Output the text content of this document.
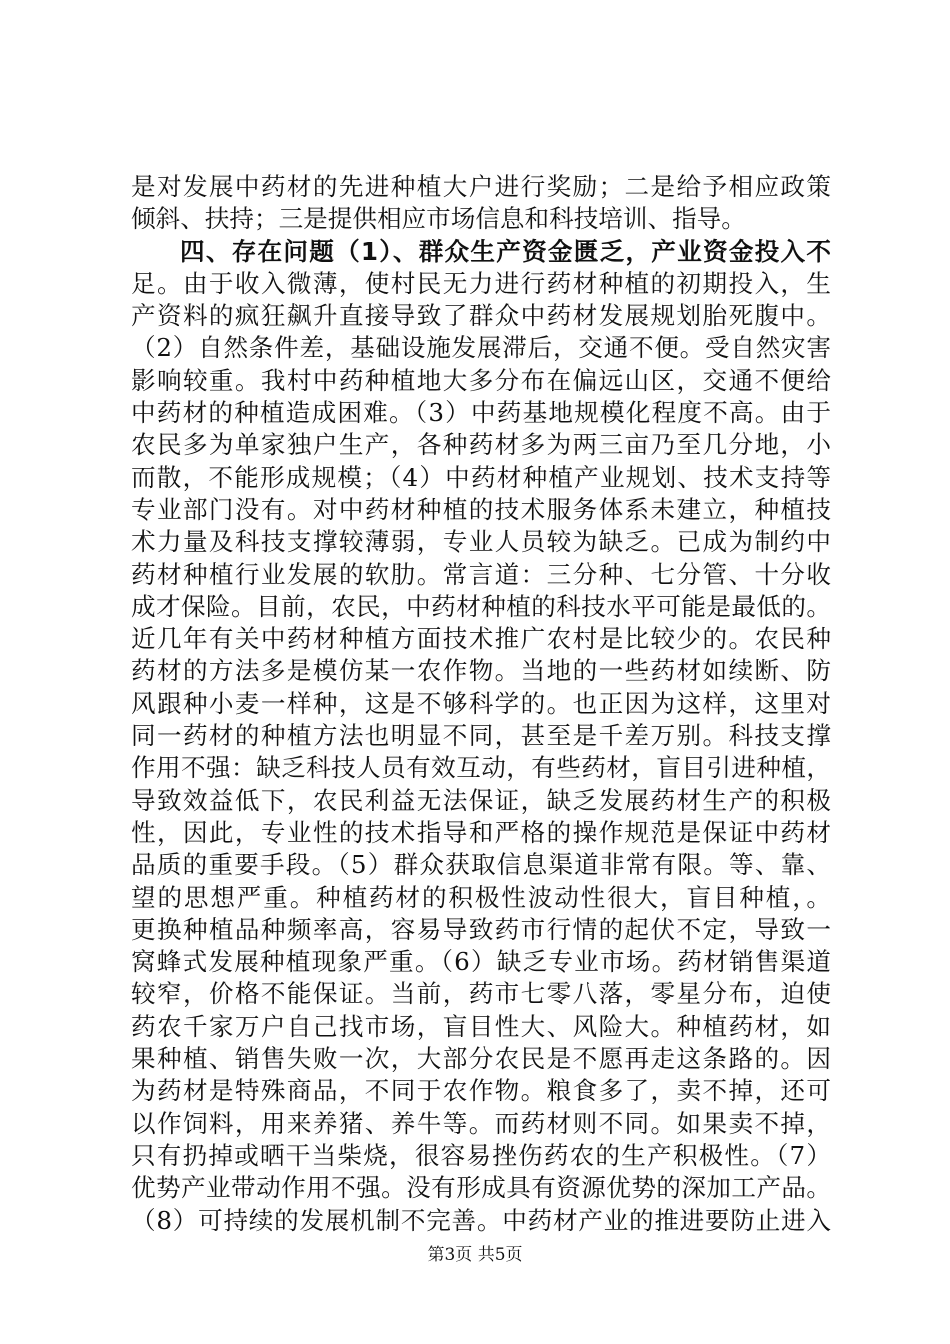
是对发展中药材的先进种植大户进行奖励；二是给予相应政策
倾斜、扶持；三是提供相应市场信息和科技培训、指导。
四、存在问题（1）、群众生产资金匮乏，产业资金投入不
足。由于收入微薄，使村民无力进行药材种植的初期投入，生
产资料的疯狂飙升直接导致了群众中药材发展规划胎死腹中。
（2）自然条件差，基础设施发展滞后，交通不便。受自然灾害
影响较重。我村中药种植地大多分布在偏远山区，交通不便给
中药材的种植造成困难。（3）中药基地规模化程度不高。由于
农民多为单家独户生产，各种药材多为两三亩乃至几分地，小
而散，不能形成规模；（4）中药材种植产业规划、技术支持等
专业部门没有。对中药材种植的技术服务体系未建立，种植技
术力量及科技支撑较薄弱，专业人员较为缺乏。已成为制约中
药材种植行业发展的软肋。常言道：三分种、七分管、十分收
成才保险。目前，农民，中药材种植的科技水平可能是最低的。
近几年有关中药材种植方面技术推广农村是比较少的。农民种
药材的方法多是模仿某一农作物。当地的一些药材如续断、防
风跟种小麦一样种，这是不够科学的。也正因为这样，这里对
同一药材的种植方法也明显不同，甚至是千差万别。科技支撑
作用不强：缺乏科技人员有效互动，有些药材，盲目引进种植，
导致效益低下，农民利益无法保证，缺乏发展药材生产的积极
性，因此，专业性的技术指导和严格的操作规范是保证中药材
品质的重要手段。（5）群众获取信息渠道非常有限。等、靠、
望的思想严重。种植药材的积极性波动性很大，盲目种植，。
更换种植品种频率高，容易导致药市行情的起伏不定，导致一
窝蜂式发展种植现象严重。（6）缺乏专业市场。药材销售渠道
较窄，价格不能保证。当前，药市七零八落，零星分布，迫使
药农千家万户自己找市场，盲目性大、风险大。种植药材，如
果种植、销售失败一次，大部分农民是不愿再走这条路的。因
为药材是特殊商品，不同于农作物。粮食多了，卖不掉，还可
以作饲料，用来养猪、养牛等。而药材则不同。如果卖不掉，
只有扔掉或晒干当柴烧，很容易挫伤药农的生产积极性。（7）
优势产业带动作用不强。没有形成具有资源优势的深加工产品。
（8）可持续的发展机制不完善。中药材产业的推进要防止进入
第3页 共5页
